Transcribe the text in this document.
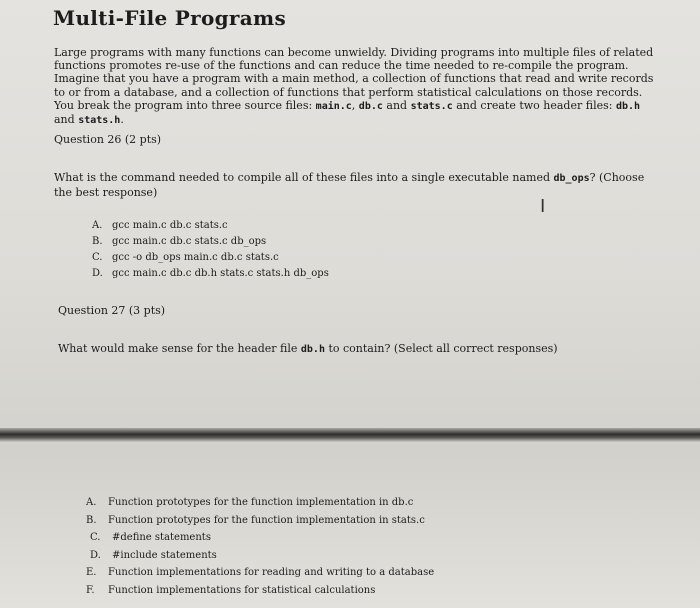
Multi-File Programs
Large programs with many functions can become unwieldy. Dividing programs into multiple files of related functions promotes re-use of the functions and can reduce the time needed to re-compile the program. Imagine that you have a program with a main method, a collection of functions that read and write records to or from a database, and a collection of functions that perform statistical calculations on those records. You break the program into three source files: main.c, db.c and stats.c and create two header files: db.h and stats.h.
Question 26 (2 pts)
What is the command needed to compile all of these files into a single executable named db_ops? (Choose the best response)
Ⅰ
A. gcc main.c db.c stats.c
B. gcc main.c db.c stats.c db_ops
C. gcc -o db_ops main.c db.c stats.c
D. gcc main.c db.c db.h stats.c stats.h db_ops
Question 27 (3 pts)
What would make sense for the header file db.h to contain? (Select all correct responses)
A.	Function prototypes for the function implementation in db.c
B.	Function prototypes for the function implementation in stats.c
C.	#define statements
D.	#include statements
E.	Function implementations for reading and writing to a database
F.	Function implementations for statistical calculations
